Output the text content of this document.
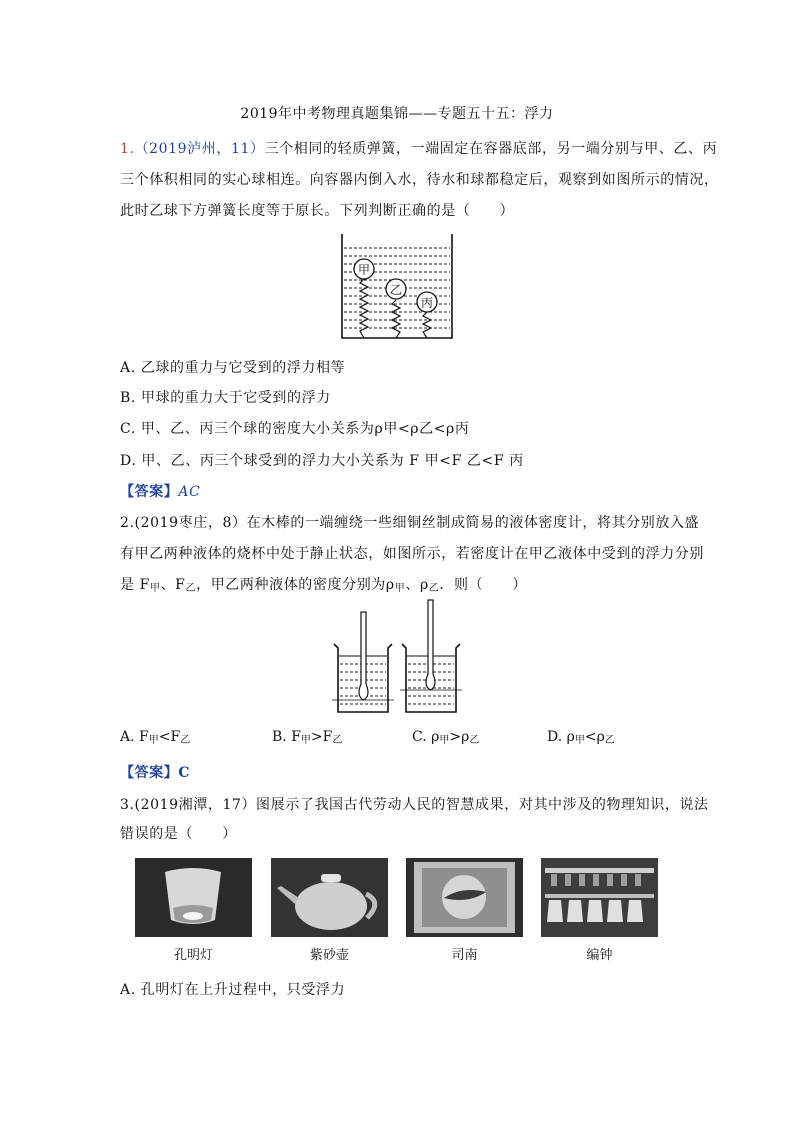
2019年中考物理真题集锦——专题五十五：浮力
1.（2019泸州，11）三个相同的轻质弹簧，一端固定在容器底部，另一端分别与甲、乙、丙
三个体积相同的实心球相连。向容器内倒入水，待水和球都稳定后，观察到如图所示的情况，
此时乙球下方弹簧长度等于原长。下列判断正确的是（　　）
甲
乙
丙
A. 乙球的重力与它受到的浮力相等
B. 甲球的重力大于它受到的浮力
C. 甲、乙、丙三个球的密度大小关系为ρ甲<ρ乙<ρ丙
D. 甲、乙、丙三个球受到的浮力大小关系为 F 甲<F 乙<F 丙
【答案】AC
2.(2019枣庄，8）在木棒的一端缠绕一些细铜丝制成简易的液体密度计，将其分别放入盛
有甲乙两种液体的烧杯中处于静止状态，如图所示，若密度计在甲乙液体中受到的浮力分别
是 $F_甲$、$F_乙$，甲乙两种液体的密度分别为$\rho_甲$、$\rho_乙$．则（　　）
A. $F_甲<F_乙$	B. $F_甲>F_乙$	C. $\rho_甲>\rho_乙$	D. $\rho_甲<\rho_乙$
【答案】C
3.(2019湘潭，17）图展示了我国古代劳动人民的智慧成果，对其中涉及的物理知识，说法
错误的是（　　）
孔明灯	紫砂壶	司南	编钟
A. 孔明灯在上升过程中，只受浮力
